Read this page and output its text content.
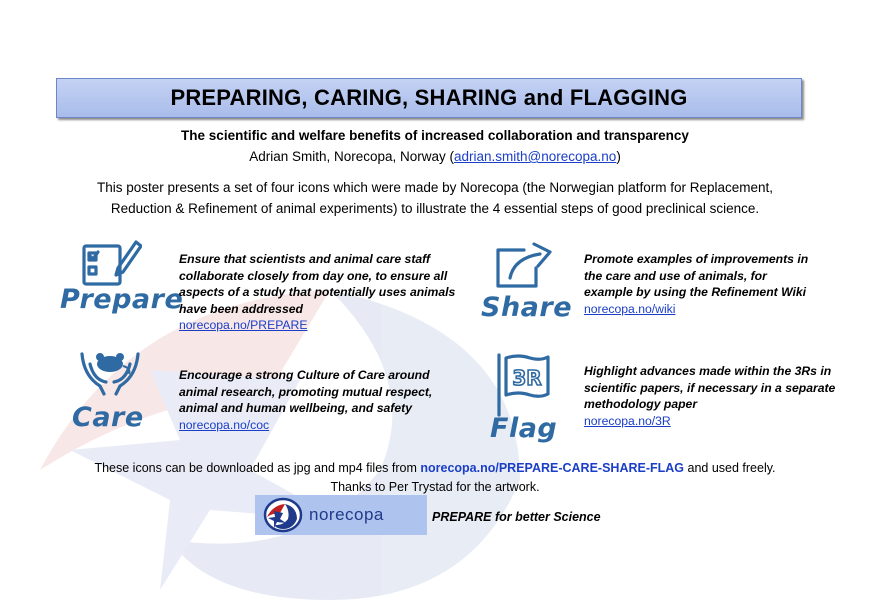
PREPARING, CARING, SHARING and FLAGGING
The scientific and welfare benefits of increased collaboration and transparency
Adrian Smith, Norecopa, Norway (adrian.smith@norecopa.no)
This poster presents a set of four icons which were made by Norecopa (the Norwegian platform for Replacement,
Reduction & Refinement of animal experiments) to illustrate the 4 essential steps of good preclinical science.
Prepare
Ensure that scientists and animal care staff
collaborate closely from day one, to ensure all
aspects of a study that potentially uses animals
have been addressed
norecopa.no/PREPARE
Care
Encourage a strong Culture of Care around
animal research, promoting mutual respect,
animal and human wellbeing, and safety
norecopa.no/coc
Share
Promote examples of improvements in
the care and use of animals, for
example by using the Refinement Wiki
norecopa.no/wiki
3R
Flag
Highlight advances made within the 3Rs in
scientific papers, if necessary in a separate
methodology paper
norecopa.no/3R
These icons can be downloaded as jpg and mp4 files from norecopa.no/PREPARE-CARE-SHARE-FLAG and used freely.
Thanks to Per Trystad for the artwork.
norecopa	PREPARE for better Science
